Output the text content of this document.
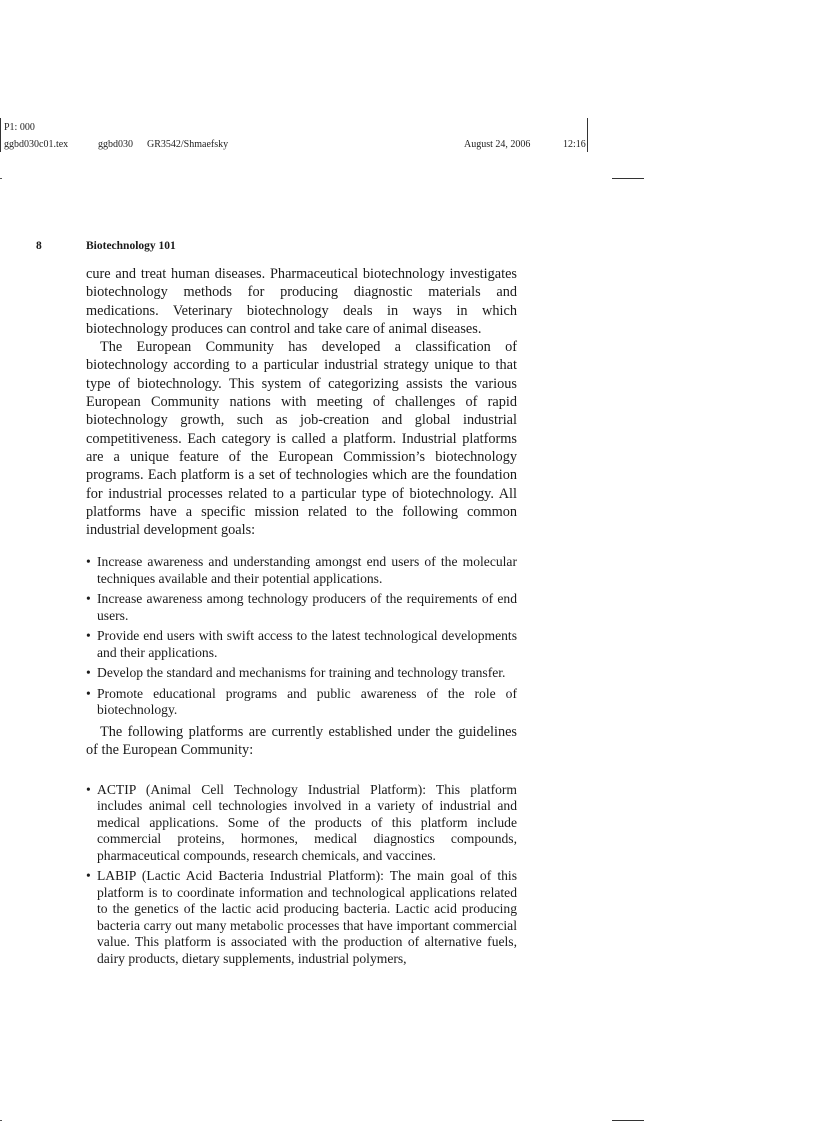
P1: 000
ggbd030c01.tex	ggbd030 GR3542/Shmaefsky	August 24, 2006	12:16
8	Biotechnology 101

cure and treat human diseases. Pharmaceutical biotechnology investigates biotechnology methods for producing diagnostic materials and medications. Veterinary biotechnology deals in ways in which biotechnology produces can control and take care of animal diseases.

The European Community has developed a classification of biotechnology according to a particular industrial strategy unique to that type of biotechnology. This system of categorizing assists the various European Community nations with meeting of challenges of rapid biotechnology growth, such as job-creation and global industrial competitiveness. Each category is called a platform. Industrial platforms are a unique feature of the European Commission’s biotechnology programs. Each platform is a set of technologies which are the foundation for industrial processes related to a particular type of biotechnology. All platforms have a specific mission related to the following common industrial development goals:

• Increase awareness and understanding amongst end users of the molecular techniques available and their potential applications.
• Increase awareness among technology producers of the requirements of end users.
• Provide end users with swift access to the latest technological developments and their applications.
• Develop the standard and mechanisms for training and technology transfer.
• Promote educational programs and public awareness of the role of biotechnology.

The following platforms are currently established under the guidelines of the European Community:

• ACTIP (Animal Cell Technology Industrial Platform): This platform includes animal cell technologies involved in a variety of industrial and medical applications. Some of the products of this platform include commercial proteins, hormones, medical diagnostics compounds, pharmaceutical compounds, research chemicals, and vaccines.
• LABIP (Lactic Acid Bacteria Industrial Platform): The main goal of this platform is to coordinate information and technological applications related to the genetics of the lactic acid producing bacteria. Lactic acid producing bacteria carry out many metabolic processes that have important commercial value. This platform is associated with the production of alternative fuels, dairy products, dietary supplements, industrial polymers,
